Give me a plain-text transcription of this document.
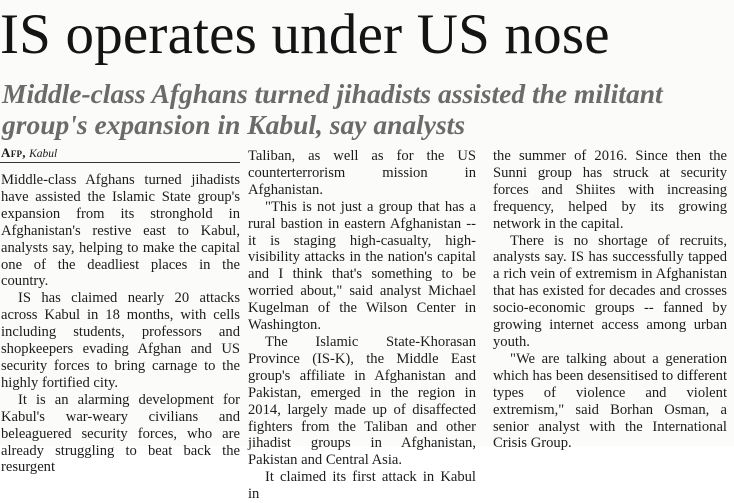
IS operates under US nose
Middle-class Afghans turned jihadists assisted the militant group's expansion in Kabul, say analysts
Afp, Kabul

Middle-class Afghans turned jihadists have assisted the Islamic State group's expansion from its stronghold in Afghanistan's restive east to Kabul, analysts say, helping to make the capital one of the deadliest places in the country.

IS has claimed nearly 20 attacks across Kabul in 18 months, with cells including students, professors and shopkeepers evading Afghan and US security forces to bring carnage to the highly fortified city.

It is an alarming development for Kabul's war-weary civilians and beleaguered security forces, who are already struggling to beat back the resurgent

Taliban, as well as for the US counterterrorism mission in Afghanistan.

"This is not just a group that has a rural bastion in eastern Afghanistan -- it is staging high-casualty, high-visibility attacks in the nation's capital and I think that's something to be worried about," said analyst Michael Kugelman of the Wilson Center in Washington.

The Islamic State-Khorasan Province (IS-K), the Middle East group's affiliate in Afghanistan and Pakistan, emerged in the region in 2014, largely made up of disaffected fighters from the Taliban and other jihadist groups in Afghanistan, Pakistan and Central Asia.

It claimed its first attack in Kabul in

the summer of 2016. Since then the Sunni group has struck at security forces and Shiites with increasing frequency, helped by its growing network in the capital.

There is no shortage of recruits, analysts say. IS has successfully tapped a rich vein of extremism in Afghanistan that has existed for decades and crosses socio-economic groups -- fanned by growing internet access among urban youth.

"We are talking about a generation which has been desensitised to different types of violence and violent extremism," said Borhan Osman, a senior analyst with the International Crisis Group.
